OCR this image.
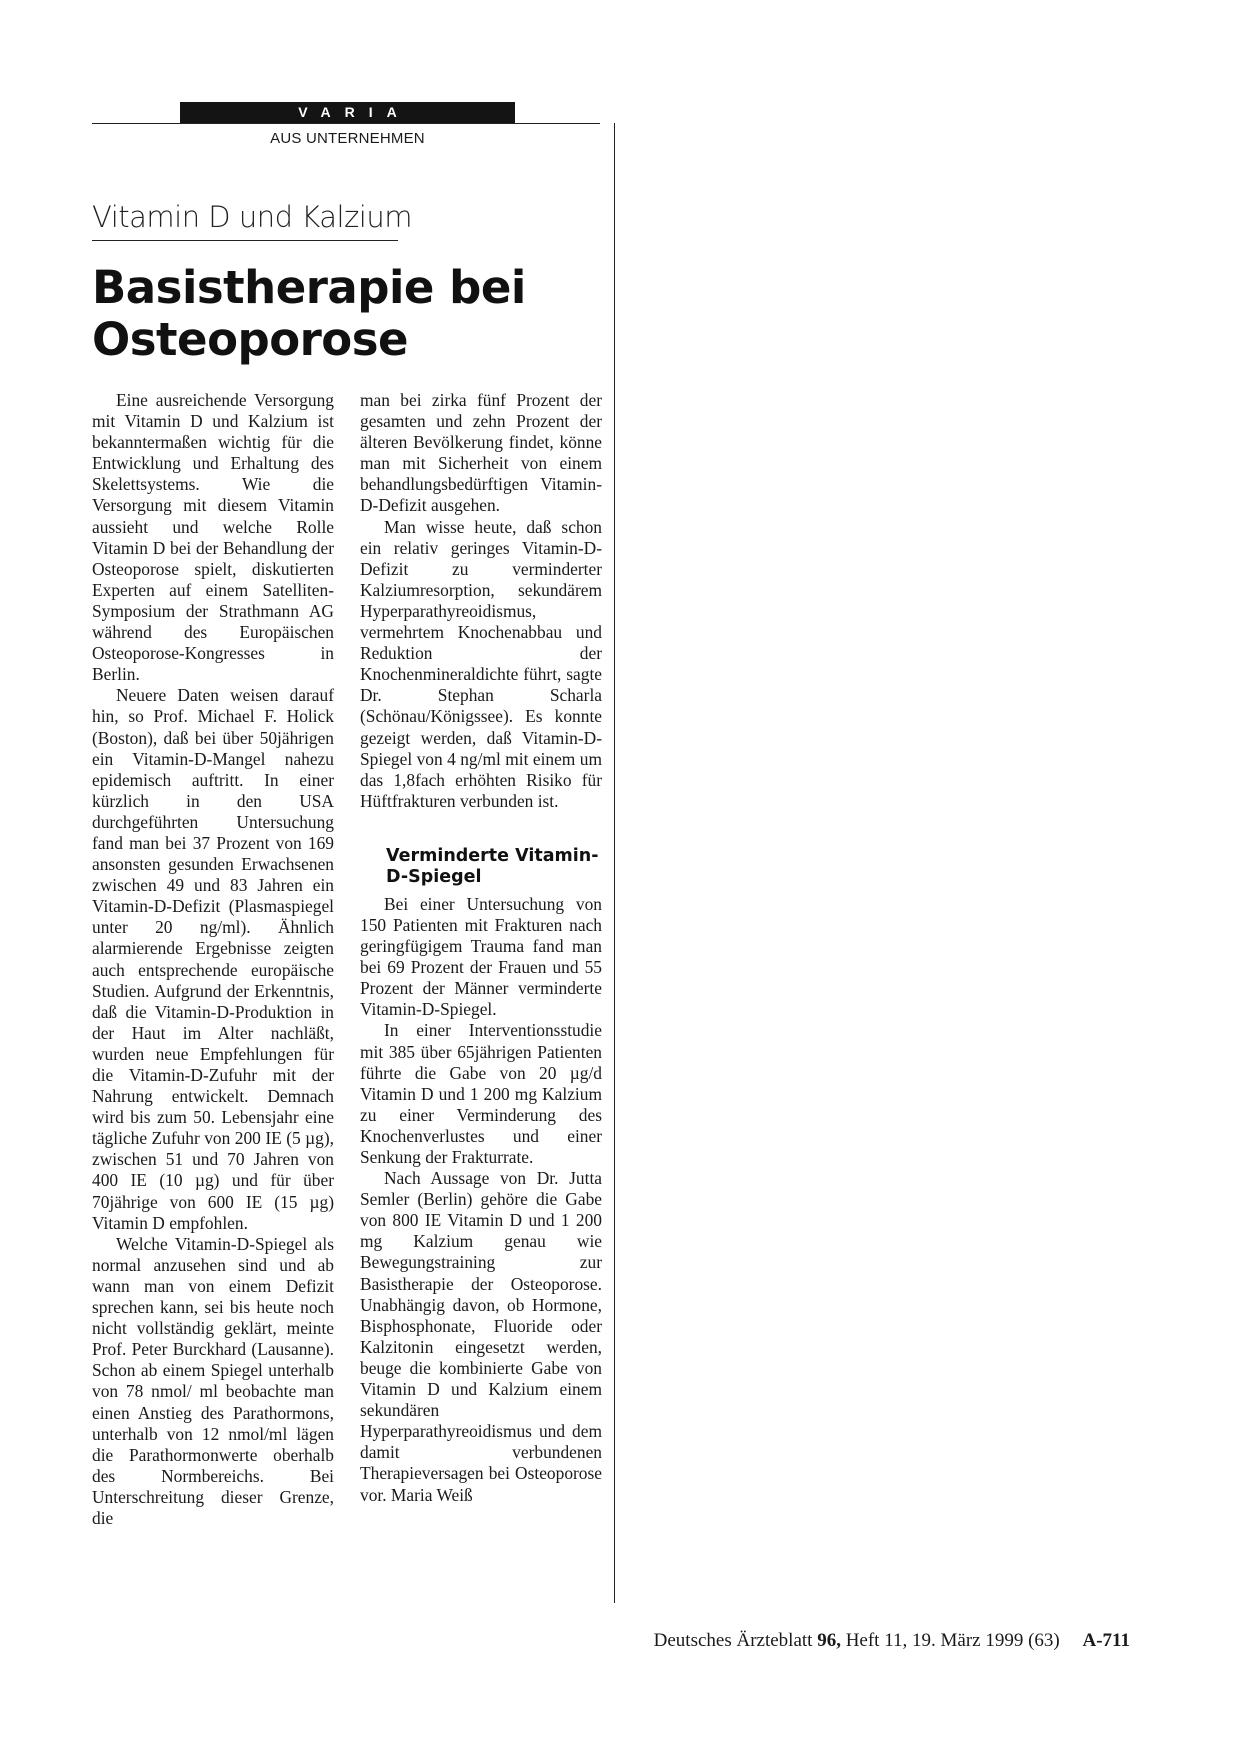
VARIA
AUS UNTERNEHMEN
Vitamin D und Kalzium
Basistherapie bei Osteoporose

Eine ausreichende Versorgung mit Vitamin D und Kalzium ist bekanntermaßen wichtig für die Entwicklung und Erhaltung des Skelettsystems. Wie die Versorgung mit diesem Vitamin aussieht und welche Rolle Vitamin D bei der Behandlung der Osteoporose spielt, diskutierten Experten auf einem Satelliten-Symposium der Strathmann AG während des Europäischen Osteoporose-Kongresses in Berlin.

Neuere Daten weisen darauf hin, so Prof. Michael F. Holick (Boston), daß bei über 50jährigen ein Vitamin-D-Mangel nahezu epidemisch auftritt. In einer kürzlich in den USA durchgeführten Untersuchung fand man bei 37 Prozent von 169 ansonsten gesunden Erwachsenen zwischen 49 und 83 Jahren ein Vitamin-D-Defizit (Plasmaspiegel unter 20 ng/ml). Ähnlich alarmierende Ergebnisse zeigten auch entsprechende europäische Studien. Aufgrund der Erkenntnis, daß die Vitamin-D-Produktion in der Haut im Alter nachläßt, wurden neue Empfehlungen für die Vitamin-D-Zufuhr mit der Nahrung entwickelt. Demnach wird bis zum 50. Lebensjahr eine tägliche Zufuhr von 200 IE (5 µg), zwischen 51 und 70 Jahren von 400 IE (10 µg) und für über 70jährige von 600 IE (15 µg) Vitamin D empfohlen.

Welche Vitamin-D-Spiegel als normal anzusehen sind und ab wann man von einem Defizit sprechen kann, sei bis heute noch nicht vollständig geklärt, meinte Prof. Peter Burckhard (Lausanne). Schon ab einem Spiegel unterhalb von 78 nmol/ ml beobachte man einen Anstieg des Parathormons, unterhalb von 12 nmol/ml lägen die Parathormonwerte oberhalb des Normbereichs. Bei Unterschreitung dieser Grenze, die

man bei zirka fünf Prozent der gesamten und zehn Prozent der älteren Bevölkerung findet, könne man mit Sicherheit von einem behandlungsbedürftigen Vitamin-D-Defizit ausgehen.

Man wisse heute, daß schon ein relativ geringes Vitamin-D-Defizit zu verminderter Kalziumresorption, sekundärem Hyperparathyreoidismus, vermehrtem Knochenabbau und Reduktion der Knochenmineraldichte führt, sagte Dr. Stephan Scharla (Schönau/Königssee). Es konnte gezeigt werden, daß Vitamin-D-Spiegel von 4 ng/ml mit einem um das 1,8fach erhöhten Risiko für Hüftfrakturen verbunden ist.

Verminderte Vitamin-D-Spiegel

Bei einer Untersuchung von 150 Patienten mit Frakturen nach geringfügigem Trauma fand man bei 69 Prozent der Frauen und 55 Prozent der Männer verminderte Vitamin-D-Spiegel.

In einer Interventionsstudie mit 385 über 65jährigen Patienten führte die Gabe von 20 µg/d Vitamin D und 1 200 mg Kalzium zu einer Verminderung des Knochenverlustes und einer Senkung der Frakturrate.

Nach Aussage von Dr. Jutta Semler (Berlin) gehöre die Gabe von 800 IE Vitamin D und 1 200 mg Kalzium genau wie Bewegungstraining zur Basistherapie der Osteoporose. Unabhängig davon, ob Hormone, Bisphosphonate, Fluoride oder Kalzitonin eingesetzt werden, beuge die kombinierte Gabe von Vitamin D und Kalzium einem sekundären Hyperparathyreoidismus und dem damit verbundenen Therapieversagen bei Osteoporose vor. Maria Weiß

Deutsches Ärzteblatt 96, Heft 11, 19. März 1999 (63) A-711
